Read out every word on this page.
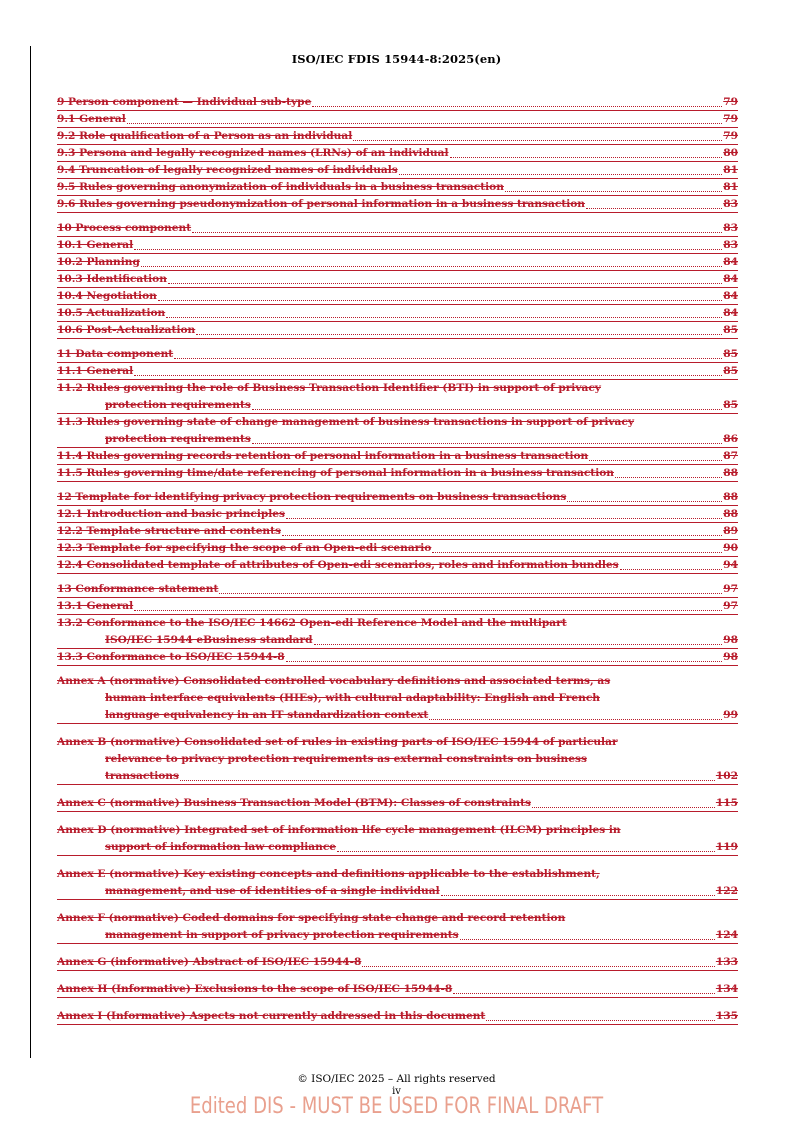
ISO/IEC FDIS 15944-8:2025(en)
9 Person component — Individual sub-type	79
9.1 General	79
9.2 Role qualification of a Person as an individual	79
9.3 Persona and legally recognized names (LRNs) of an individual	80
9.4 Truncation of legally recognized names of individuals	81
9.5 Rules governing anonymization of individuals in a business transaction	81
9.6 Rules governing pseudonymization of personal information in a business transaction	83
10 Process component	83
10.1 General	83
10.2 Planning	84
10.3 Identification	84
10.4 Negotiation	84
10.5 Actualization	84
10.6 Post-Actualization	85
11 Data component	85
11.1 General	85
11.2 Rules governing the role of Business Transaction Identifier (BTI) in support of privacy
protection requirements	85
11.3 Rules governing state of change management of business transactions in support of privacy
protection requirements	86
11.4 Rules governing records retention of personal information in a business transaction	87
11.5 Rules governing time/date referencing of personal information in a business transaction	88
12 Template for identifying privacy protection requirements on business transactions	88
12.1 Introduction and basic principles	88
12.2 Template structure and contents	89
12.3 Template for specifying the scope of an Open-edi scenario	90
12.4 Consolidated template of attributes of Open-edi scenarios, roles and information bundles	94
13 Conformance statement	97
13.1 General	97
13.2 Conformance to the ISO/IEC 14662 Open-edi Reference Model and the multipart
ISO/IEC 15944 eBusiness standard	98
13.3 Conformance to ISO/IEC 15944-8	98
Annex A (normative) Consolidated controlled vocabulary definitions and associated terms, as
human interface equivalents (HIEs), with cultural adaptability: English and French
language equivalency in an IT standardization context	99
Annex B (normative) Consolidated set of rules in existing parts of ISO/IEC 15944 of particular
relevance to privacy protection requirements as external constraints on business
transactions	102
Annex C (normative) Business Transaction Model (BTM): Classes of constraints	115
Annex D (normative) Integrated set of information life cycle management (ILCM) principles in
support of information law compliance	119
Annex E (normative) Key existing concepts and definitions applicable to the establishment,
management, and use of identities of a single individual	122
Annex F (normative) Coded domains for specifying state change and record retention
management in support of privacy protection requirements	124
Annex G (informative) Abstract of ISO/IEC 15944-8	133
Annex H (Informative) Exclusions to the scope of ISO/IEC 15944-8	134
Annex I (Informative) Aspects not currently addressed in this document	135
© ISO/IEC 2025 – All rights reserved
iv
Edited DIS - MUST BE USED FOR FINAL DRAFT
